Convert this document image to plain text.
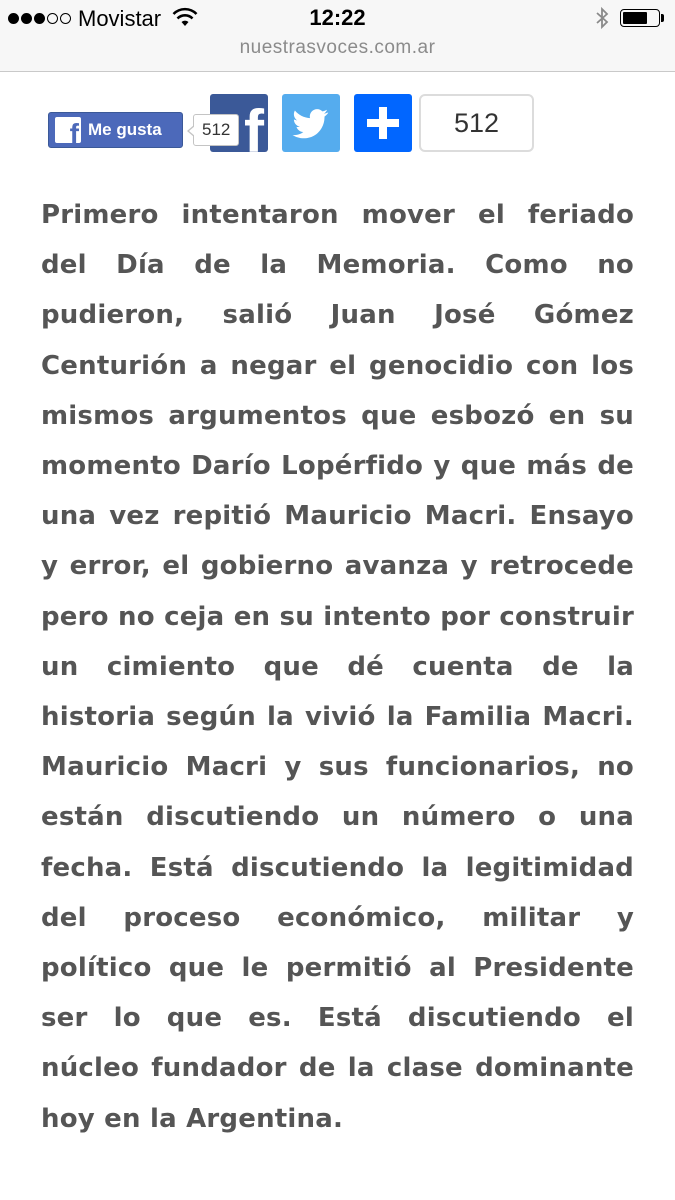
Movistar	12:22
nuestrasvoces.com.ar
f Me gusta	512 f	512

Primero intentaron mover el feriado del Día de la Memoria. Como no pudieron, salió Juan José Gómez Centurión a negar el genocidio con los mismos argumentos que esbozó en su momento Darío Lopérfido y que más de una vez repitió Mauricio Macri. Ensayo y error, el gobierno avanza y retrocede pero no ceja en su intento por construir un cimiento que dé cuenta de la historia según la vivió la Familia Macri. Mauricio Macri y sus funcionarios, no están discutiendo un número o una fecha. Está discutiendo la legitimidad del proceso económico, militar y político que le permitió al Presidente ser lo que es. Está discutiendo el núcleo fundador de la clase dominante hoy en la Argentina.
